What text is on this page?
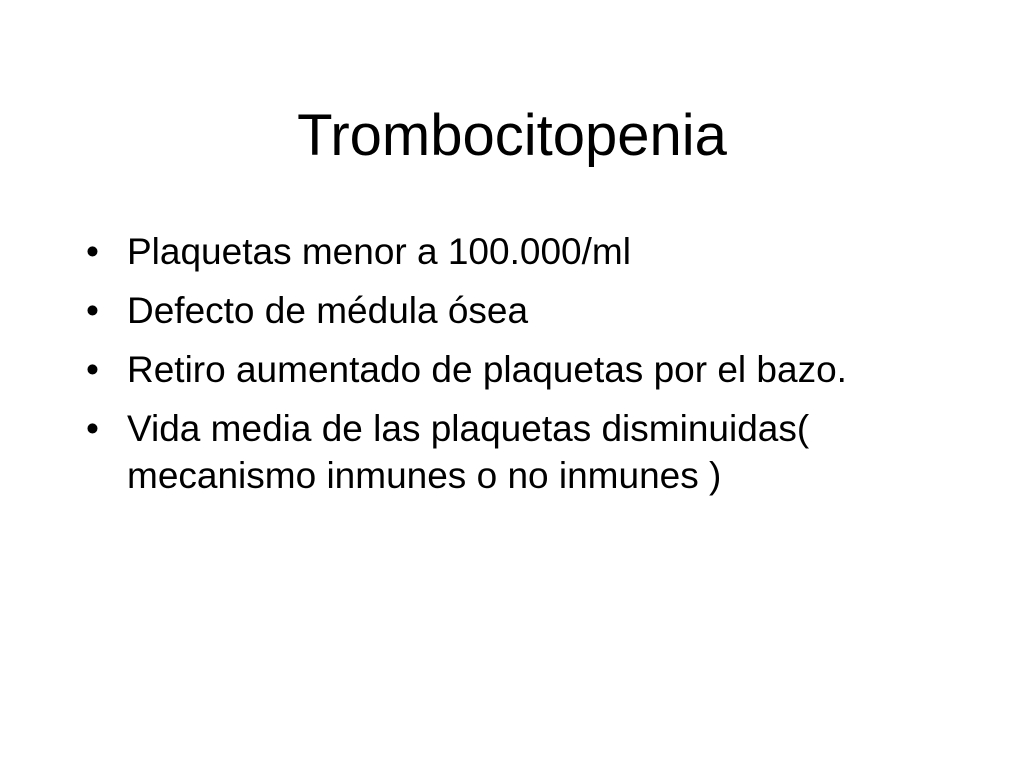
Trombocitopenia
• Plaquetas menor a 100.000/ml
• Defecto de médula ósea
• Retiro aumentado de plaquetas por el bazo.
• Vida media de las plaquetas disminuidas( mecanismo inmunes o no inmunes )
